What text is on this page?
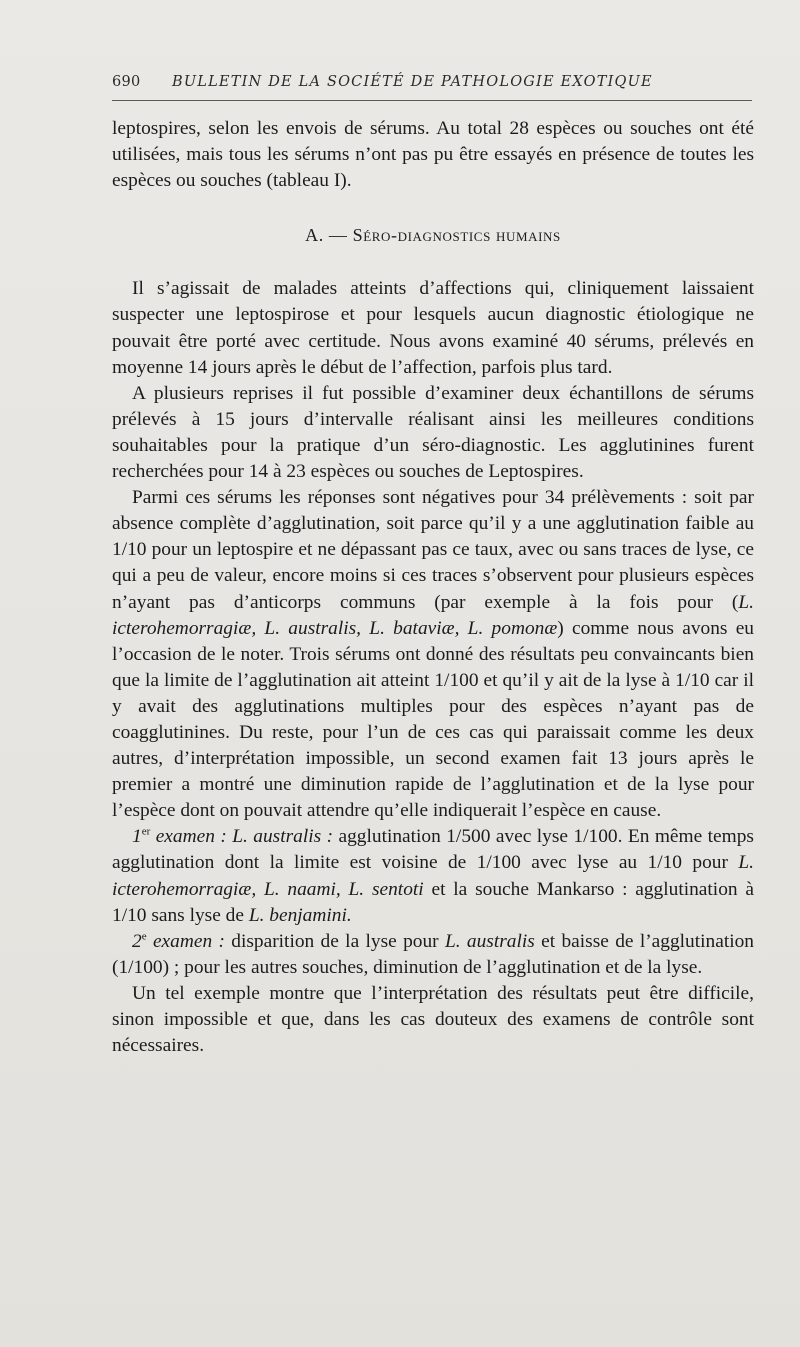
690	BULLETIN DE LA SOCIÉTÉ DE PATHOLOGIE EXOTIQUE

leptospires, selon les envois de sérums. Au total 28 espèces ou souches ont été utilisées, mais tous les sérums n’ont pas pu être essayés en présence de toutes les espèces ou souches (tableau I).

A. — Séro-diagnostics humains

Il s’agissait de malades atteints d’affections qui, cliniquement laissaient suspecter une leptospirose et pour lesquels aucun diagnostic étiologique ne pouvait être porté avec certitude. Nous avons examiné 40 sérums, prélevés en moyenne 14 jours après le début de l’affection, parfois plus tard.

A plusieurs reprises il fut possible d’examiner deux échantillons de sérums prélevés à 15 jours d’intervalle réalisant ainsi les meilleures conditions souhaitables pour la pratique d’un séro-diagnostic. Les agglutinines furent recherchées pour 14 à 23 espèces ou souches de Leptospires.

Parmi ces sérums les réponses sont négatives pour 34 prélèvements : soit par absence complète d’agglutination, soit parce qu’il y a une agglutination faible au 1/10 pour un leptospire et ne dépassant pas ce taux, avec ou sans traces de lyse, ce qui a peu de valeur, encore moins si ces traces s’observent pour plusieurs espèces n’ayant pas d’anticorps communs (par exemple à la fois pour (L. icterohemorragiæ, L. australis, L. bataviæ, L. pomonæ) comme nous avons eu l’occasion de le noter. Trois sérums ont donné des résultats peu convaincants bien que la limite de l’agglutination ait atteint 1/100 et qu’il y ait de la lyse à 1/10 car il y avait des agglutinations multiples pour des espèces n’ayant pas de coagglutinines. Du reste, pour l’un de ces cas qui paraissait comme les deux autres, d’interprétation impossible, un second examen fait 13 jours après le premier a montré une diminution rapide de l’agglutination et de la lyse pour l’espèce dont on pouvait attendre qu’elle indiquerait l’espèce en cause.

1er examen : L. australis : agglutination 1/500 avec lyse 1/100. En même temps agglutination dont la limite est voisine de 1/100 avec lyse au 1/10 pour L. icterohemorragiæ, L. naami, L. sentoti et la souche Mankarso : agglutination à 1/10 sans lyse de L. benjamini.

2e examen : disparition de la lyse pour L. australis et baisse de l’agglutination (1/100) ; pour les autres souches, diminution de l’agglutination et de la lyse.

Un tel exemple montre que l’interprétation des résultats peut être difficile, sinon impossible et que, dans les cas douteux des examens de contrôle sont nécessaires.
